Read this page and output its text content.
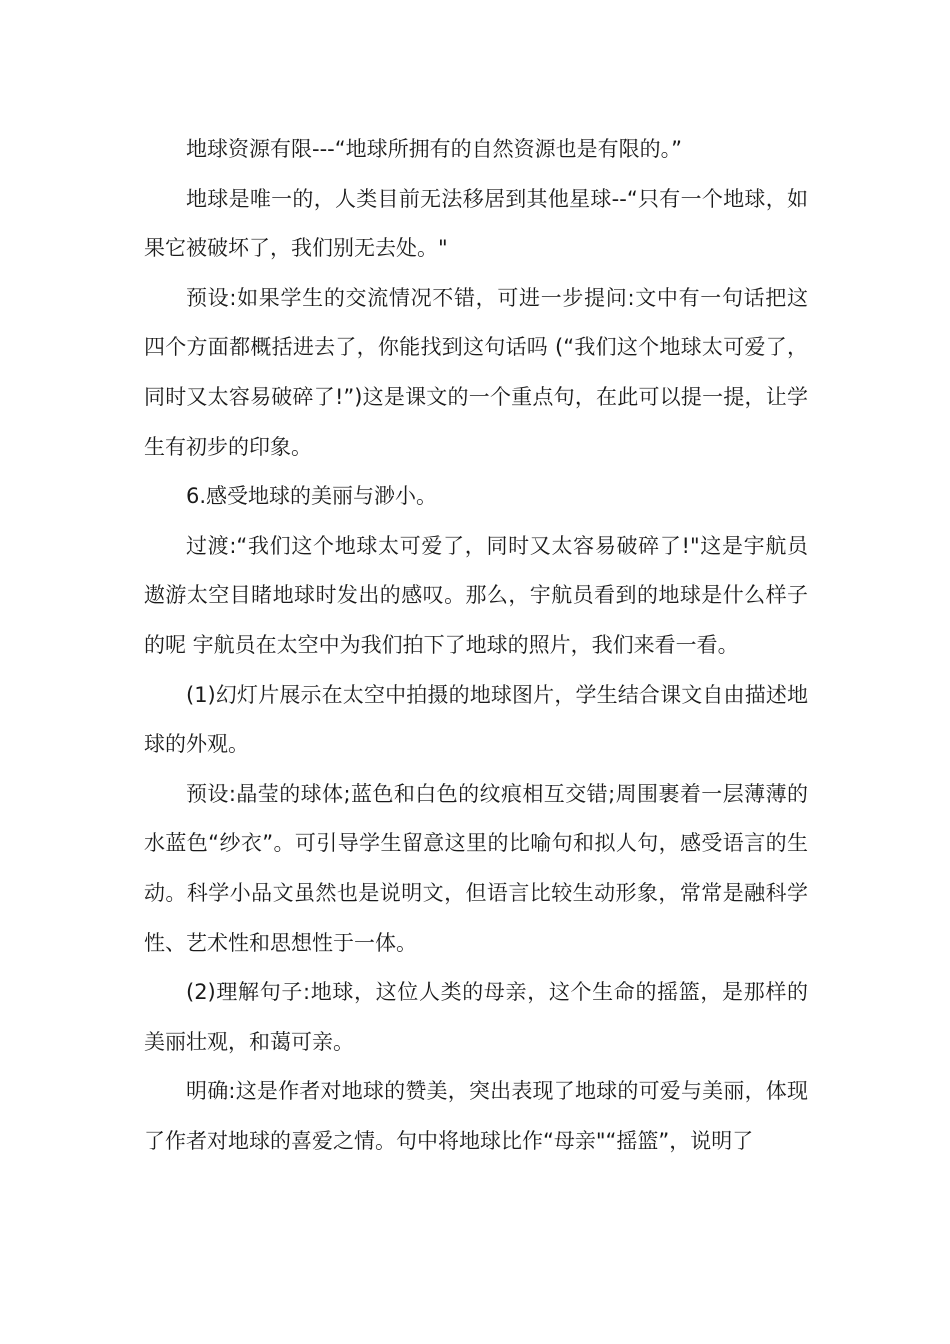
地球资源有限---“地球所拥有的自然资源也是有限的。”

地球是唯一的，人类目前无法移居到其他星球--“只有一个地球，如果它被破坏了，我们别无去处。"

预设:如果学生的交流情况不错，可进一步提问:文中有一句话把这四个方面都概括进去了，你能找到这句话吗 (“我们这个地球太可爱了，同时又太容易破碎了!”)这是课文的一个重点句，在此可以提一提，让学生有初步的印象。

6.感受地球的美丽与渺小。

过渡:“我们这个地球太可爱了，同时又太容易破碎了!"这是宇航员遨游太空目睹地球时发出的感叹。那么，宇航员看到的地球是什么样子的呢 宇航员在太空中为我们拍下了地球的照片，我们来看一看。

(1)幻灯片展示在太空中拍摄的地球图片，学生结合课文自由描述地球的外观。

预设:晶莹的球体;蓝色和白色的纹痕相互交错;周围裹着一层薄薄的水蓝色“纱衣”。可引导学生留意这里的比喻句和拟人句，感受语言的生动。科学小品文虽然也是说明文，但语言比较生动形象，常常是融科学性、艺术性和思想性于一体。

(2)理解句子:地球，这位人类的母亲，这个生命的摇篮，是那样的美丽壮观，和蔼可亲。

明确:这是作者对地球的赞美，突出表现了地球的可爱与美丽，体现了作者对地球的喜爱之情。句中将地球比作“母亲"“摇篮”，说明了
